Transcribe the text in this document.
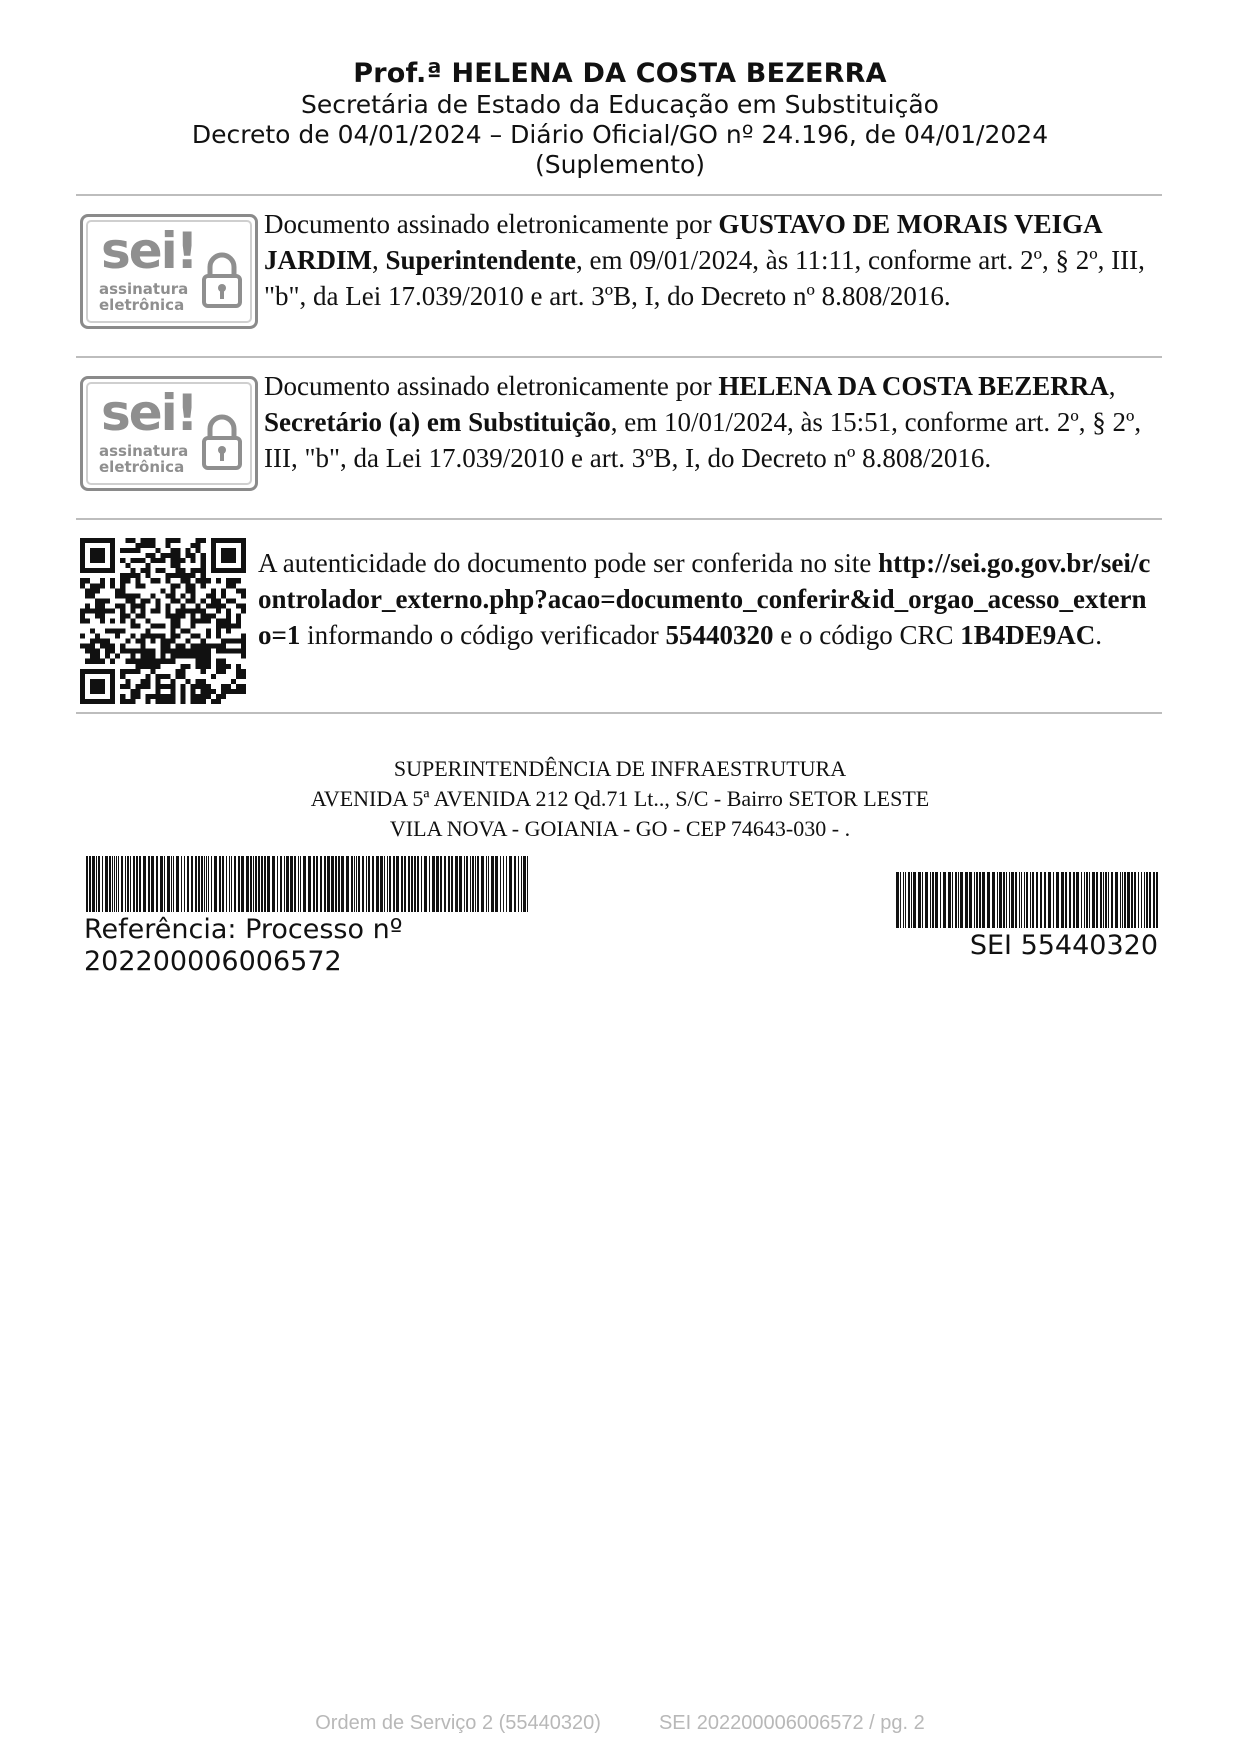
Prof.ª HELENA DA COSTA BEZERRA
Secretária de Estado da Educação em Substituição
Decreto de 04/01/2024 – Diário Oficial/GO nº 24.196, de 04/01/2024
(Suplemento)
sei!
assinatura
eletrônica
Documento assinado eletronicamente por GUSTAVO DE MORAIS VEIGA JARDIM, Superintendente, em 09/01/2024, às 11:11, conforme art. 2º, § 2º, III, "b", da Lei 17.039/2010 e art. 3ºB, I, do Decreto nº 8.808/2016.
sei!
assinatura
eletrônica
Documento assinado eletronicamente por HELENA DA COSTA BEZERRA, Secretário (a) em Substituição, em 10/01/2024, às 15:51, conforme art. 2º, § 2º, III, "b", da Lei 17.039/2010 e art. 3ºB, I, do Decreto nº 8.808/2016.
A autenticidade do documento pode ser conferida no site http://sei.go.gov.br/sei/controlador_externo.php?acao=documento_conferir&id_orgao_acesso_externo=1 informando o código verificador 55440320 e o código CRC 1B4DE9AC.
SUPERINTENDÊNCIA DE INFRAESTRUTURA
AVENIDA 5ª AVENIDA 212 Qd.71 Lt.., S/C - Bairro SETOR LESTE
VILA NOVA - GOIANIA - GO - CEP 74643-030 - .
Referência: Processo nº
202200006006572
SEI 55440320
Ordem de Serviço 2 (55440320)	SEI 202200006006572 / pg. 2
